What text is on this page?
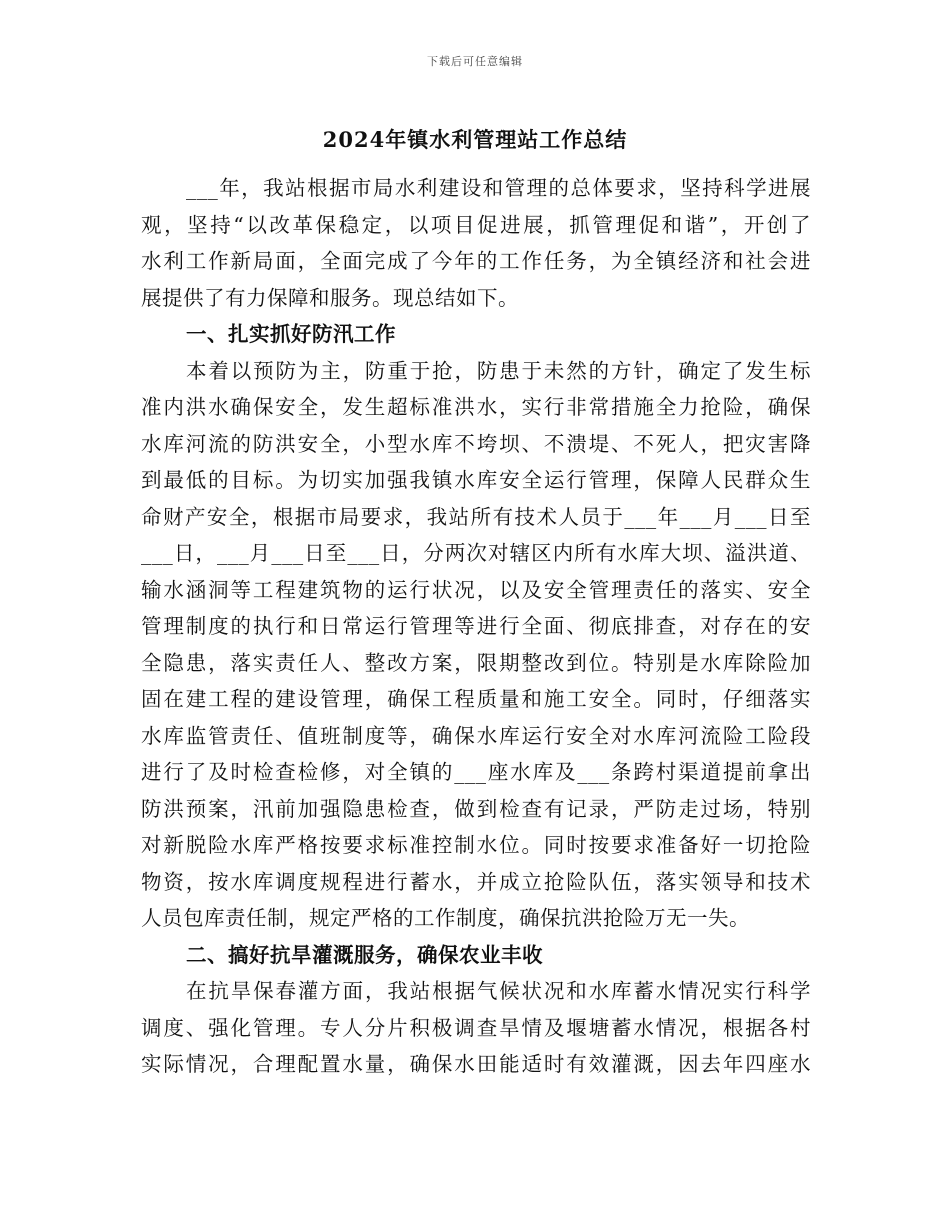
下载后可任意编辑
2024年镇水利管理站工作总结
___年，我站根据市局水利建设和管理的总体要求，坚持科学进展
观，坚持“以改革保稳定，以项目促进展，抓管理促和谐”，开创了
水利工作新局面，全面完成了今年的工作任务，为全镇经济和社会进
展提供了有力保障和服务。现总结如下。
一、扎实抓好防汛工作
本着以预防为主，防重于抢，防患于未然的方针，确定了发生标
准内洪水确保安全，发生超标准洪水，实行非常措施全力抢险，确保
水库河流的防洪安全，小型水库不垮坝、不溃堤、不死人，把灾害降
到最低的目标。为切实加强我镇水库安全运行管理，保障人民群众生
命财产安全，根据市局要求，我站所有技术人员于___年___月___日至
___日，___月___日至___日，分两次对辖区内所有水库大坝、溢洪道、
输水涵洞等工程建筑物的运行状况，以及安全管理责任的落实、安全
管理制度的执行和日常运行管理等进行全面、彻底排查，对存在的安
全隐患，落实责任人、整改方案，限期整改到位。特别是水库除险加
固在建工程的建设管理，确保工程质量和施工安全。同时，仔细落实
水库监管责任、值班制度等，确保水库运行安全对水库河流险工险段
进行了及时检查检修，对全镇的___座水库及___条跨村渠道提前拿出
防洪预案，汛前加强隐患检查，做到检查有记录，严防走过场，特别
对新脱险水库严格按要求标准控制水位。同时按要求准备好一切抢险
物资，按水库调度规程进行蓄水，并成立抢险队伍，落实领导和技术
人员包库责任制，规定严格的工作制度，确保抗洪抢险万无一失。
二、搞好抗旱灌溉服务，确保农业丰收
在抗旱保春灌方面，我站根据气候状况和水库蓄水情况实行科学
调度、强化管理。专人分片积极调查旱情及堰塘蓄水情况，根据各村
实际情况，合理配置水量，确保水田能适时有效灌溉，因去年四座水
